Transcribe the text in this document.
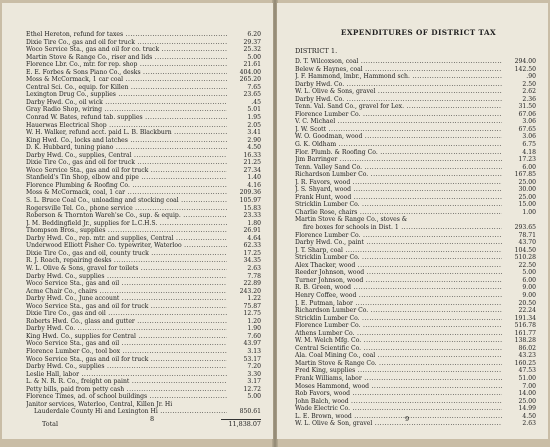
Ethel Hereton, refund for taxes .....	6.20
Dixie Tire Co., gas and oil for truck .....	29.37
Woco Service Sta., gas and oil for co. truck .....	25.32
Martin Stove & Range Co., riser and lids .....	5.00
Florence Lbr. Co., mtr. for rep. shop .....	21.61
E. E. Forbes & Sons Piano Co., desks .....	404.00
Moss & McCormack, 1 car coal .....	265.20
Central Sci. Co., equip. for Killen .....	7.65
Lexington Drug Co., supplies .....	23.65
Darby Hwd. Co., oil wick .....	.45
Gray Radio Shop, wiring .....	5.01
Conrad W. Bates, refund tab. supplies .....	1.95
Hauerwas Electrical Shop .....	2.05
W. H. Walker, refund acct. paid L. B. Blackburn .....	3.41
King Hwd. Co., locks and latches .....	2.90
D. K. Hubbard, tuning piano .....	4.50
Darby Hwd. Co., supplies, Central .....	16.33
Dixie Tire Co., gas and oil for truck .....	21.25
Woco Service Sta., gas and oil for truck .....	27.34
Stanfield's Tin Shop, elbow and pipe .....	1.40
Florence Plumbing & Roofing Co. .....	4.16
Moss & McCormack, coal, 1 car .....	209.36
S. L. Bruce Coal Co., unloading and stocking coal .....	105.97
Rogersville Tel. Co., phone service .....	15.83
Roberson & Thornton Wareh'se Co., sup. & equip. .....	23.33
J. M. Beddingfield Jr., supplies for L.C.H.S. .....	1.80
Thompson Bros., supplies .....	26.91
Darby Hwd. Co., rep. mtr. and supplies, Central .....	4.64
Underwood Elliott Fisher Co. typewriter, Waterloo .....	62.33
Dixie Tire Co., gas and oil, county truck .....	17.25
R. J. Roach, repairing desks .....	34.35
W. L. Olive & Sons, gravel for toilets .....	2.63
Darby Hwd. Co., supplies .....	7.78
Woco Service Sta., gas and oil .....	22.89
Acme Chair Co., chairs .....	243.20
Darby Hwd. Co., June account .....	1.22
Woco Service Sta., gas and oil for truck .....	75.87
Dixie Tire Co., gas and oil .....	12.75
Roberts Hwd. Co., glass and gutter .....	1.20
Darby Hwd. Co. .....	1.90
King Hwd. Co., supplies for Central .....	7.60
Woco Service Sta., gas and oil .....	43.97
Florence Lumber Co., tool box .....	3.13
Woco Service Sta., gas and oil for truck .....	53.17
Darby Hwd. Co., supplies .....	7.20
Leslie Hall, labor .....	3.30
L. & N. R. R. Co., freight on paint .....	3.17
Petty bills, paid from petty cash .....	12.72
Florence Times, ad. of school buildings .....	5.00
Janitor services, Waterloo, Central, Killen Jr. Hi
Lauderdale County Hi and Lexington Hi .....	850.61
Total	11,838.07
8
EXPENDITURES OF DISTRICT TAX
DISTRICT 1.
D. T. Wilcoxson, coal .....	294.00
Belew & Haynes, coal .....	142.50
J. F. Hammond, lmbr., Hammond sch. .....	.90
Darby Hwd. Co. .....	2.50
W. L. Olive & Sons, gravel .....	2.62
Darby Hwd. Co. .....	2.36
Tenn. Val. Sand Co., gravel for Lex. .....	31.50
Florence Lumber Co. .....	67.06
V. C. Michael .....	3.06
J. W. Scott .....	67.65
W. O. Goodman, wood .....	3.06
G. K. Oldham .....	6.75
Flor. Plumb. & Roofing Co. .....	4.18
Jim Barringer .....	17.23
Tenn. Valley Sand Co. .....	6.00
Richardson Lumber Co. .....	167.85
J. R. Favors, wood .....	25.00
J. S. Shyard, wood .....	30.00
Frank Hunt, wood .....	25.00
Stricklin Lumber Co. .....	15.00
Charlie Rose, chairs .....	1.00
Martin Stove & Range Co., stoves &
fire boxes for schools in Dist. 1 .....	293.65
Florence Lumber Co. .....	78.71
Darby Hwd. Co., paint .....	43.70
J. T. Sharp, coal .....	104.50
Stricklin Lumber Co. .....	510.28
Alex Thacker, wood .....	22.50
Reeder Johnson, wood .....	5.00
Turner Johnson, wood .....	6.00
R. B. Green, wood .....	9.00
Henry Coffee, wood .....	9.00
J. E. Putman, labor .....	20.50
Richardson Lumber Co. .....	22.24
Stricklin Lumber Co. .....	191.34
Florence Lumber Co. .....	516.78
Athens Lumber Co. .....	161.77
W. M. Welch Mfg. Co. .....	138.28
Central Scientific Co. .....	86.02
Ala. Coal Mining Co., coal .....	43.23
Martin Stove & Range Co. .....	160.25
Fred King, supplies .....	47.53
Frank Williams, labor .....	51.00
Moses Hammond, wood .....	7.00
Rob Favors, wood .....	14.00
John Balch, wood .....	25.00
Wade Electric Co. .....	14.99
L. E. Brown, wood .....	4.50
W. L. Olive & Son, gravel .....	2.63
9
